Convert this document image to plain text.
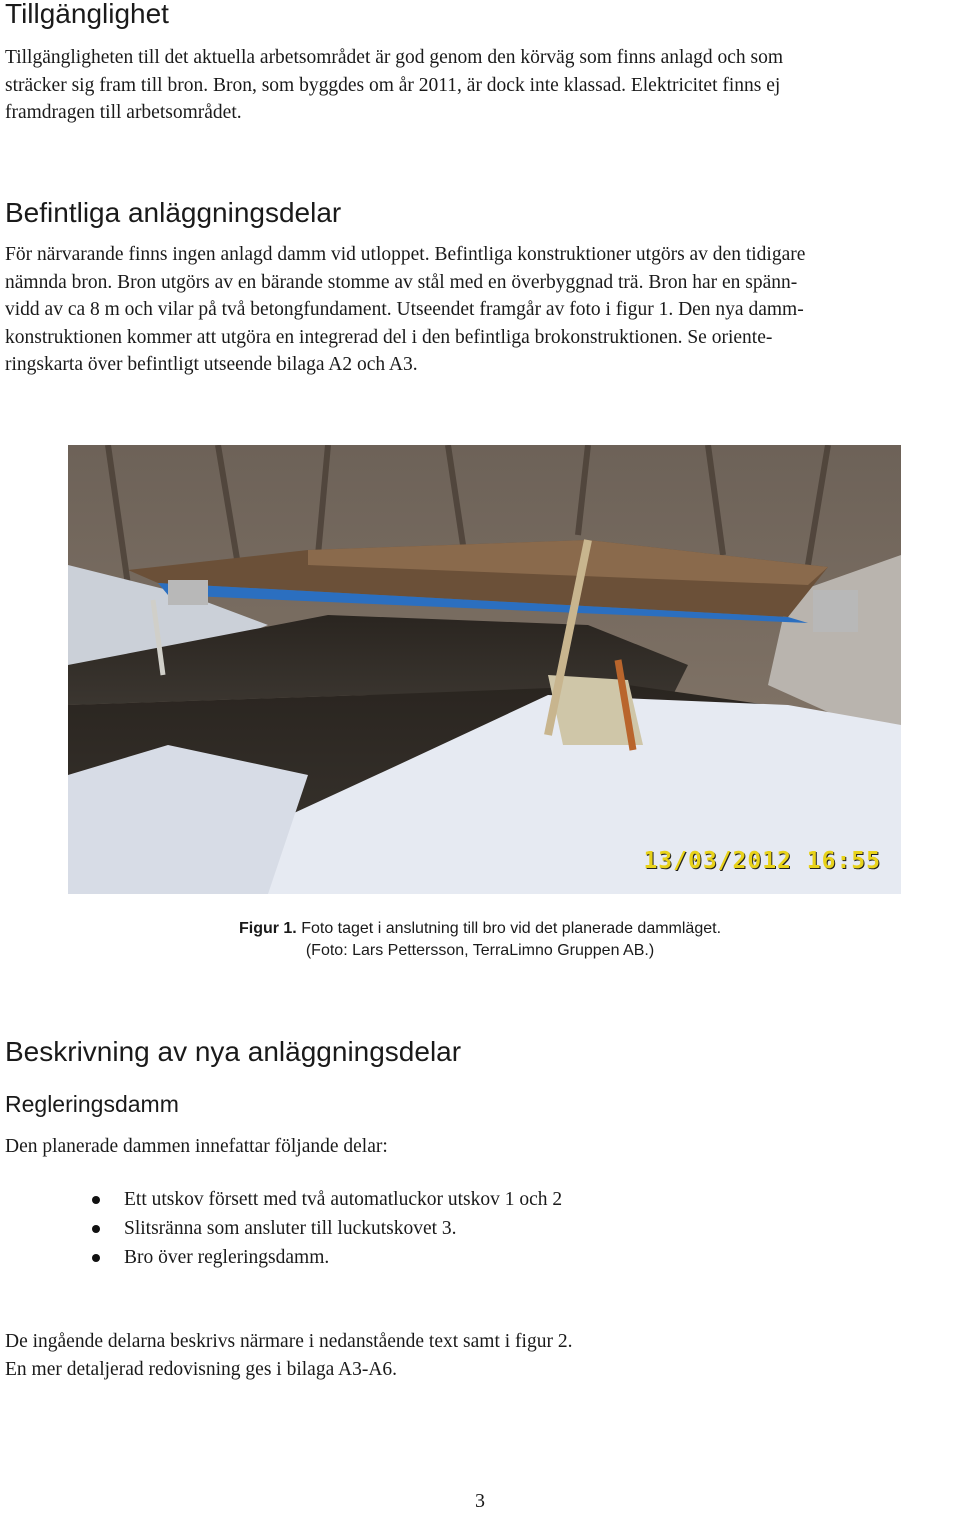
Tillgänglighet
Tillgängligheten till det aktuella arbetsområdet är god genom den körväg som finns anlagd och som
sträcker sig fram till bron. Bron, som byggdes om år 2011, är dock inte klassad. Elektricitet finns ej
framdragen till arbetsområdet.
Befintliga anläggningsdelar
För närvarande finns ingen anlagd damm vid utloppet. Befintliga konstruktioner utgörs av den tidigare
nämnda bron. Bron utgörs av en bärande stomme av stål med en överbyggnad trä. Bron har en spänn-
vidd av ca 8 m och vilar på två betongfundament. Utseendet framgår av foto i figur 1. Den nya damm-
konstruktionen kommer att utgöra en integrerad del i den befintliga brokonstruktionen. Se oriente-
ringskarta över befintligt utseende bilaga A2 och A3.
13/03/2012 16:55
Figur 1. Foto taget i anslutning till bro vid det planerade dammläget.
(Foto: Lars Pettersson, TerraLimno Gruppen AB.)
Beskrivning av nya anläggningsdelar
Regleringsdamm
Den planerade dammen innefattar följande delar:
Ett utskov försett med två automatluckor utskov 1 och 2
Slitsränna som ansluter till luckutskovet 3.
Bro över regleringsdamm.
De ingående delarna beskrivs närmare i nedanstående text samt i figur 2.
En mer detaljerad redovisning ges i bilaga A3-A6.
3
